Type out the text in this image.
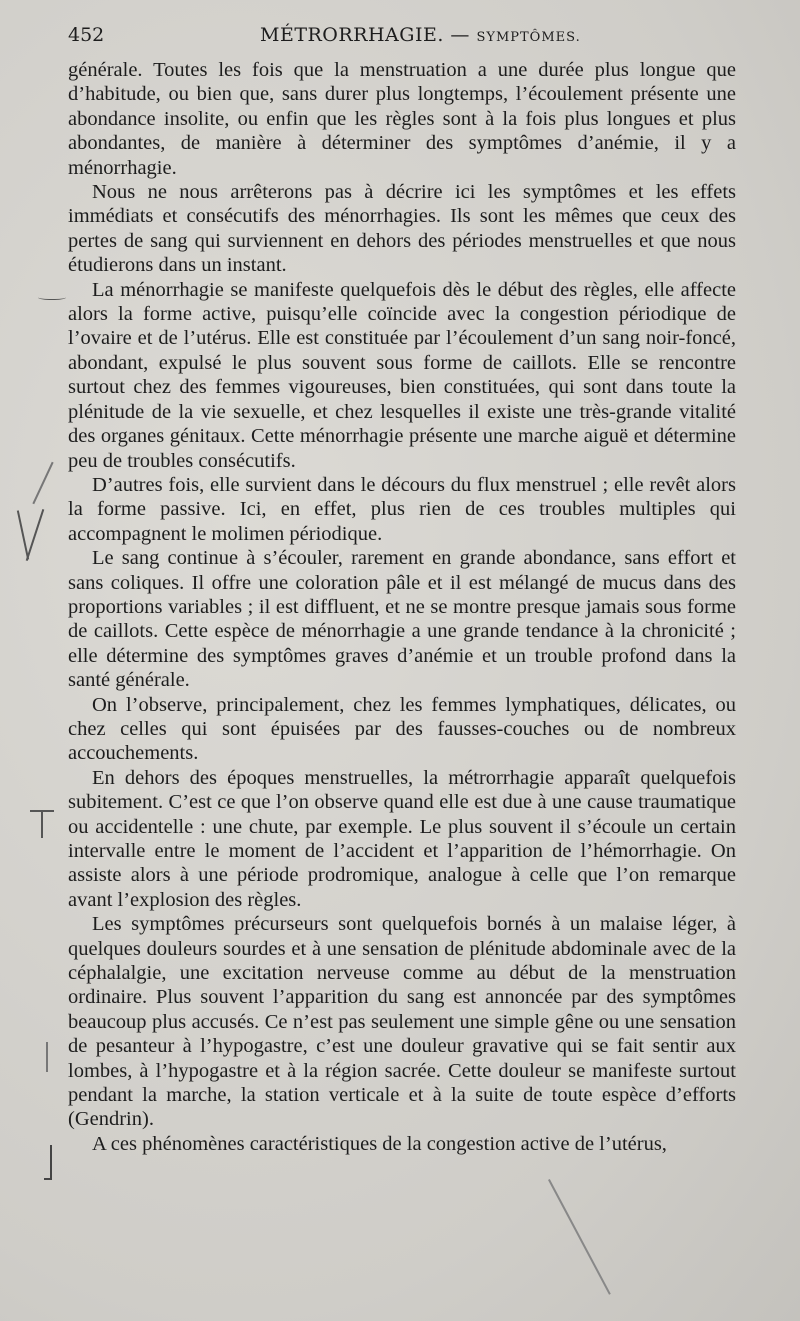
452	MÉTRORRHAGIE. — SYMPTÔMES.

générale. Toutes les fois que la menstruation a une durée plus longue que d’habitude, ou bien que, sans durer plus longtemps, l’écoulement présente une abondance insolite, ou enfin que les règles sont à la fois plus longues et plus abondantes, de manière à déterminer des symptômes d’anémie, il y a ménorrhagie.

Nous ne nous arrêterons pas à décrire ici les symptômes et les effets immédiats et consécutifs des ménorrhagies. Ils sont les mêmes que ceux des pertes de sang qui surviennent en dehors des périodes menstruelles et que nous étudierons dans un instant.

La ménorrhagie se manifeste quelquefois dès le début des règles, elle affecte alors la forme active, puisqu’elle coïncide avec la congestion périodique de l’ovaire et de l’utérus. Elle est constituée par l’écoulement d’un sang noir-foncé, abondant, expulsé le plus souvent sous forme de caillots. Elle se rencontre surtout chez des femmes vigoureuses, bien constituées, qui sont dans toute la plénitude de la vie sexuelle, et chez lesquelles il existe une très-grande vitalité des organes génitaux. Cette ménorrhagie présente une marche aiguë et détermine peu de troubles consécutifs.

D’autres fois, elle survient dans le décours du flux menstruel ; elle revêt alors la forme passive. Ici, en effet, plus rien de ces troubles multiples qui accompagnent le molimen périodique.

Le sang continue à s’écouler, rarement en grande abondance, sans effort et sans coliques. Il offre une coloration pâle et il est mélangé de mucus dans des proportions variables ; il est diffluent, et ne se montre presque jamais sous forme de caillots. Cette espèce de ménorrhagie a une grande tendance à la chronicité ; elle détermine des symptômes graves d’anémie et un trouble profond dans la santé générale.

On l’observe, principalement, chez les femmes lymphatiques, délicates, ou chez celles qui sont épuisées par des fausses-couches ou de nombreux accouchements.

En dehors des époques menstruelles, la métrorrhagie apparaît quelquefois subitement. C’est ce que l’on observe quand elle est due à une cause traumatique ou accidentelle : une chute, par exemple. Le plus souvent il s’écoule un certain intervalle entre le moment de l’accident et l’apparition de l’hémorrhagie. On assiste alors à une période prodromique, analogue à celle que l’on remarque avant l’explosion des règles.

Les symptômes précurseurs sont quelquefois bornés à un malaise léger, à quelques douleurs sourdes et à une sensation de plénitude abdominale avec de la céphalalgie, une excitation nerveuse comme au début de la menstruation ordinaire. Plus souvent l’apparition du sang est annoncée par des symptômes beaucoup plus accusés. Ce n’est pas seulement une simple gêne ou une sensation de pesanteur à l’hypogastre, c’est une douleur gravative qui se fait sentir aux lombes, à l’hypogastre et à la région sacrée. Cette douleur se manifeste surtout pendant la marche, la station verticale et à la suite de toute espèce d’efforts (Gendrin).

A ces phénomènes caractéristiques de la congestion active de l’utérus,
